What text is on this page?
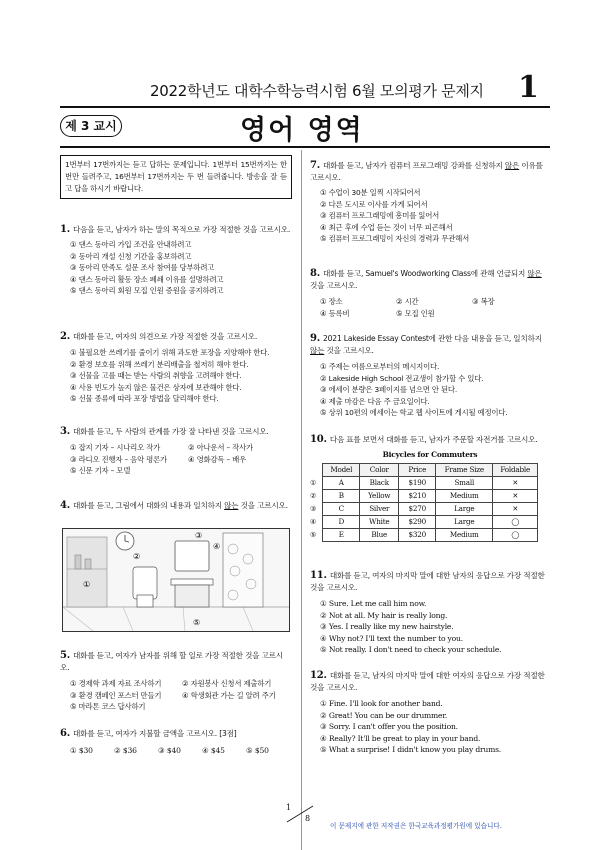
2022학년도 대학수학능력시험 6월 모의평가 문제지 1
제 3 교시	영어 영역
1번부터 17번까지는 듣고 답하는 문제입니다. 1번부터 15번까지는 한 번만 들려주고, 16번부터 17번까지는 두 번 들려줍니다. 방송을 잘 듣고 답을 하시기 바랍니다.
1. 다음을 듣고, 남자가 하는 말의 목적으로 가장 적절한 것을 고르시오.
① 댄스 동아리 가입 조건을 안내하려고
② 동아리 개설 신청 기간을 홍보하려고
③ 동아리 만족도 설문 조사 참여를 당부하려고
④ 댄스 동아리 활동 장소 폐쇄 이유를 설명하려고
⑤ 댄스 동아리 회원 모집 인원 증원을 공지하려고
2. 대화를 듣고, 여자의 의견으로 가장 적절한 것을 고르시오.
① 불필요한 쓰레기를 줄이기 위해 과도한 포장을 지양해야 한다.
② 환경 보호를 위해 쓰레기 분리배출을 철저히 해야 한다.
③ 선물을 고를 때는 받는 사람의 취향을 고려해야 한다.
④ 사용 빈도가 높지 않은 물건은 상자에 보관해야 한다.
⑤ 선물 종류에 따라 포장 방법을 달리해야 한다.
3. 대화를 듣고, 두 사람의 관계를 가장 잘 나타낸 것을 고르시오.
① 잡지 기자 – 시나리오 작가	② 아나운서 – 작사가
③ 라디오 진행자 – 음악 평론가	④ 영화감독 – 배우
⑤ 신문 기자 – 모델
4. 대화를 듣고, 그림에서 대화의 내용과 일치하지 않는 것을 고르시오.
①
②
③
④
⑤
5. 대화를 듣고, 여자가 남자를 위해 할 일로 가장 적절한 것을 고르시오.
① 경제학 과제 자료 조사하기	② 자원봉사 신청서 제출하기
③ 환경 캠페인 포스터 만들기	④ 학생회관 가는 길 알려 주기
⑤ 마라톤 코스 답사하기
6. 대화를 듣고, 여자가 지불할 금액을 고르시오. [3점]
① $30	② $36	③ $40	④ $45	⑤ $50
7. 대화를 듣고, 남자가 컴퓨터 프로그래밍 강좌를 신청하지 않은 이유를 고르시오.
① 수업이 30분 일찍 시작되어서
② 다른 도시로 이사를 가게 되어서
③ 컴퓨터 프로그래밍에 흥미를 잃어서
④ 최근 후에 수업 듣는 것이 너무 피곤해서
⑤ 컴퓨터 프로그래밍이 자신의 경력과 무관해서
8. 대화를 듣고, Samuel's Woodworking Class에 관해 언급되지 않은 것을 고르시오.
① 장소	② 시간	③ 복장
④ 등록비	⑤ 모집 인원
9. 2021 Lakeside Essay Contest에 관한 다음 내용을 듣고, 일치하지 않는 것을 고르시오.
① 주제는 여름으로부터의 메시지이다.
② Lakeside High School 전교생이 참가할 수 있다.
③ 에세이 분량은 3페이지를 넘으면 안 된다.
④ 제출 마감은 다음 주 금요일이다.
⑤ 상위 10편의 에세이는 학교 웹 사이트에 게시될 예정이다.
10. 다음 표를 보면서 대화를 듣고, 남자가 주문할 자전거를 고르시오.
Bicycles for Commuters
	Model	Color	Price	Frame Size	Foldable
①	A	Black	$190	Small	✕
②	B	Yellow	$210	Medium	✕
③	C	Silver	$270	Large	✕
④	D	White	$290	Large	◯
⑤	E	Blue	$320	Medium	◯
11. 대화를 듣고, 여자의 마지막 말에 대한 남자의 응답으로 가장 적절한 것을 고르시오.
① Sure. Let me call him now.
② Not at all. My hair is really long.
③ Yes. I really like my new hairstyle.
④ Why not? I'll text the number to you.
⑤ Not really. I don't need to check your schedule.
12. 대화를 듣고, 남자의 마지막 말에 대한 여자의 응답으로 가장 적절한 것을 고르시오.
① Fine. I'll look for another band.
② Great! You can be our drummer.
③ Sorry. I can't offer you the position.
④ Really? It'll be great to play in your band.
⑤ What a surprise! I didn't know you play drums.
1
8
이 문제지에 관한 저작권은 한국교육과정평가원에 있습니다.
